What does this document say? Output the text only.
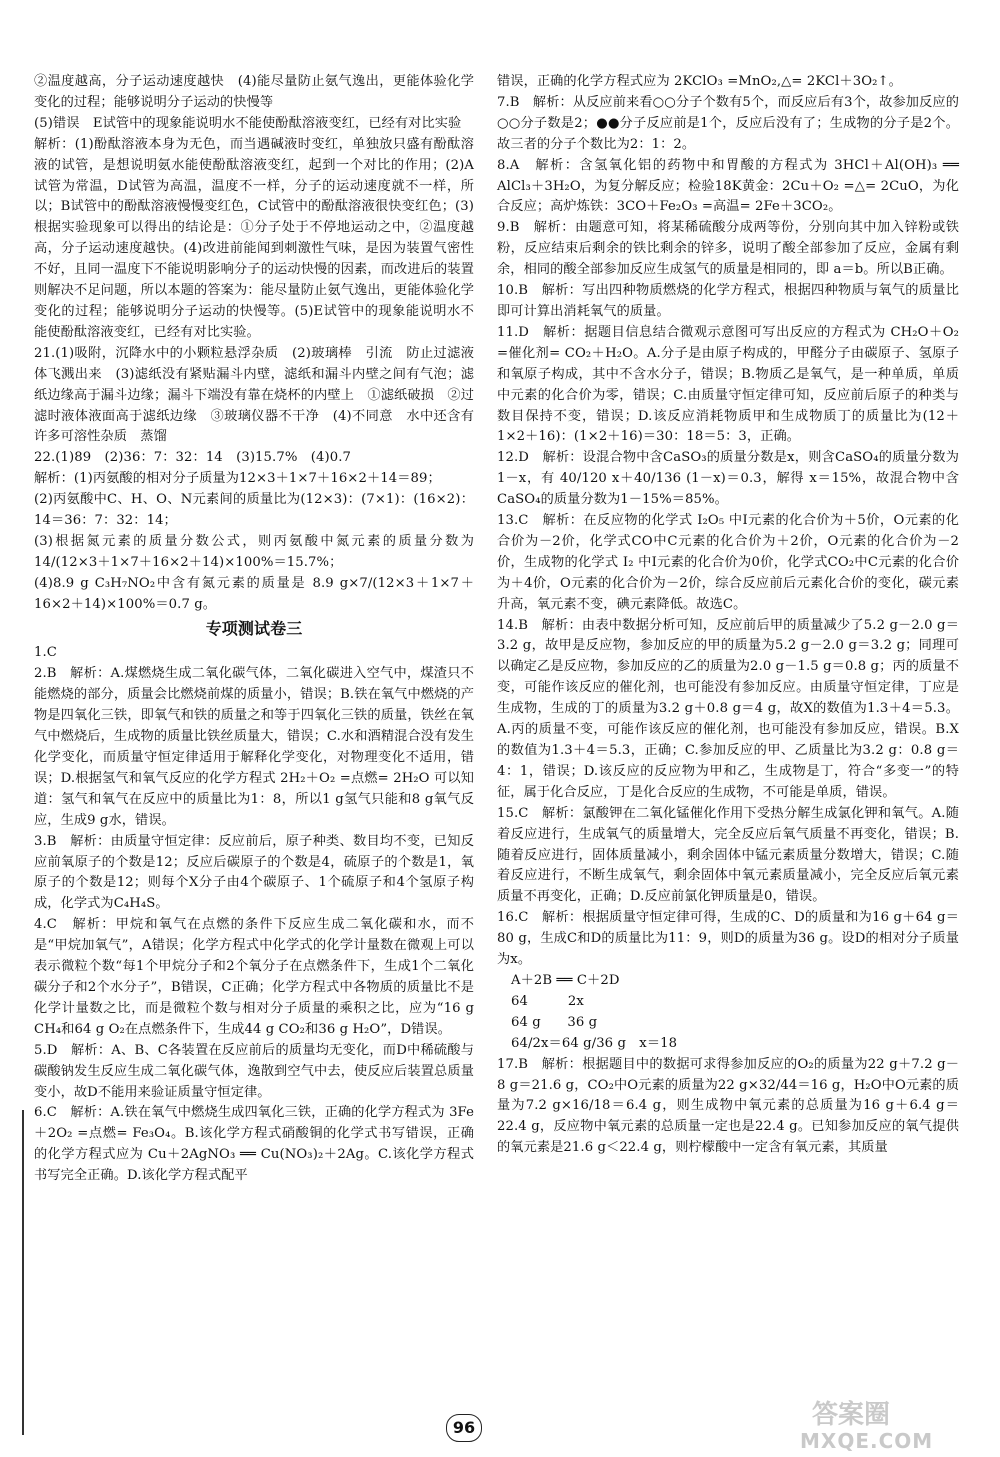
②温度越高，分子运动速度越快　(4)能尽量防止氨气逸出，更能体验化学变化的过程；能够说明分子运动的快慢等

(5)错误　E试管中的现象能说明水不能使酚酞溶液变红，已经有对比实验

解析：(1)酚酞溶液本身为无色，而当遇碱液时变红，单独放只盛有酚酞溶液的试管，是想说明氨水能使酚酞溶液变红，起到一个对比的作用；(2)A试管为常温，D试管为高温，温度不一样，分子的运动速度就不一样，所以；B试管中的酚酞溶液慢慢变红色，C试管中的酚酞溶液很快变红色；(3)根据实验现象可以得出的结论是：①分子处于不停地运动之中，②温度越高，分子运动速度越快。(4)改进前能闻到刺激性气味，是因为装置气密性不好，且同一温度下不能说明影响分子的运动快慢的因素，而改进后的装置则解决不足问题，所以本题的答案为：能尽量防止氨气逸出，更能体验化学变化的过程；能够说明分子运动的快慢等。(5)E试管中的现象能说明水不能使酚酞溶液变红，已经有对比实验。

21.(1)吸附，沉降水中的小颗粒悬浮杂质　(2)玻璃棒　引流　防止过滤液体飞溅出来　(3)滤纸没有紧贴漏斗内壁，滤纸和漏斗内壁之间有气泡；滤纸边缘高于漏斗边缘；漏斗下端没有靠在烧杯的内壁上　①滤纸破损　②过滤时液体液面高于滤纸边缘　③玻璃仪器不干净　(4)不同意　水中还含有许多可溶性杂质　蒸馏

22.(1)89　(2)36：7：32：14　(3)15.7%　(4)0.7

解析：(1)丙氨酸的相对分子质量为12×3＋1×7＋16×2＋14＝89；

(2)丙氨酸中C、H、O、N元素间的质量比为(12×3)：(7×1)：(16×2)：14＝36：7：32：14；

(3)根据氮元素的质量分数公式，则丙氨酸中氮元素的质量分数为 14/(12×3＋1×7＋16×2＋14)×100%＝15.7%；

(4)8.9 g C₃H₇NO₂中含有氮元素的质量是 8.9 g×7/(12×3＋1×7＋16×2＋14)×100%＝0.7 g。

专项测试卷三

1.C

2.B　解析：A.煤燃烧生成二氧化碳气体，二氧化碳进入空气中，煤渣只不能燃烧的部分，质量会比燃烧前煤的质量小，错误；B.铁在氧气中燃烧的产物是四氧化三铁，即氧气和铁的质量之和等于四氧化三铁的质量，铁丝在氧气中燃烧后，生成物的质量比铁丝质量大，错误；C.水和酒精混合没有发生化学变化，而质量守恒定律适用于解释化学变化，对物理变化不适用，错误；D.根据氢气和氧气反应的化学方程式 2H₂＋O₂ =点燃= 2H₂O 可以知道：氢气和氧气在反应中的质量比为1：8，所以1 g氢气只能和8 g氧气反应，生成9 g水，错误。

3.B　解析：由质量守恒定律：反应前后，原子种类、数目均不变，已知反应前氧原子的个数是12；反应后碳原子的个数是4，硫原子的个数是1，氧原子的个数是12；则每个X分子由4个碳原子、1个硫原子和4个氢原子构成，化学式为C₄H₄S。

4.C　解析：甲烷和氧气在点燃的条件下反应生成二氧化碳和水，而不是“甲烷加氧气”，A错误；化学方程式中化学式的化学计量数在微观上可以表示微粒个数“每1个甲烷分子和2个氧分子在点燃条件下，生成1个二氧化碳分子和2个水分子”，B错误，C正确；化学方程式中各物质的质量比不是化学计量数之比，而是微粒个数与相对分子质量的乘积之比，应为“16 g CH₄和64 g O₂在点燃条件下，生成44 g CO₂和36 g H₂O”，D错误。

5.D　解析：A、B、C各装置在反应前后的质量均无变化，而D中稀硫酸与碳酸钠发生反应生成二氧化碳气体，逸散到空气中去，使反应后装置总质量变小，故D不能用来验证质量守恒定律。

6.C　解析：A.铁在氧气中燃烧生成四氧化三铁，正确的化学方程式为 3Fe＋2O₂ =点燃= Fe₃O₄。B.该化学方程式硝酸铜的化学式书写错误，正确的化学方程式应为 Cu＋2AgNO₃ ══ Cu(NO₃)₂＋2Ag。C.该化学方程式书写完全正确。D.该化学方程式配平

错误，正确的化学方程式应为 2KClO₃ =MnO₂,△= 2KCl＋3O₂↑。

7.B　解析：从反应前来看○○分子个数有5个，而反应后有3个，故参加反应的○○分子数是2；●●分子反应前是1个，反应后没有了；生成物的分子是2个。故三者的分子个数比为2：1：2。

8.A　解析：含氢氧化铝的药物中和胃酸的方程式为 3HCl＋Al(OH)₃ ══ AlCl₃＋3H₂O，为复分解反应；检验18K黄金：2Cu＋O₂ =△= 2CuO，为化合反应；高炉炼铁：3CO＋Fe₂O₃ =高温= 2Fe＋3CO₂。

9.B　解析：由题意可知，将某稀硫酸分成两等份，分别向其中加入锌粉或铁粉，反应结束后剩余的铁比剩余的锌多，说明了酸全部参加了反应，金属有剩余，相同的酸全部参加反应生成氢气的质量是相同的，即 a＝b。所以B正确。

10.B　解析：写出四种物质燃烧的化学方程式，根据四种物质与氧气的质量比即可计算出消耗氧气的质量。

11.D　解析：据题目信息结合微观示意图可写出反应的方程式为 CH₂O＋O₂ =催化剂= CO₂＋H₂O。A.分子是由原子构成的，甲醛分子由碳原子、氢原子和氧原子构成，其中不含水分子，错误；B.物质乙是氧气，是一种单质，单质中元素的化合价为零，错误；C.由质量守恒定律可知，反应前后原子的种类与数目保持不变，错误；D.该反应消耗物质甲和生成物质丁的质量比为(12＋1×2＋16)：(1×2＋16)＝30：18＝5：3，正确。

12.D　解析：设混合物中含CaSO₃的质量分数是x，则含CaSO₄的质量分数为1－x，有 40/120 x＋40/136 (1－x)＝0.3，解得 x＝15%，故混合物中含CaSO₄的质量分数为1－15%＝85%。

13.C　解析：在反应物的化学式 I₂O₅ 中I元素的化合价为＋5价，O元素的化合价为－2价，化学式CO中C元素的化合价为＋2价，O元素的化合价为－2价，生成物的化学式 I₂ 中I元素的化合价为0价，化学式CO₂中C元素的化合价为＋4价，O元素的化合价为－2价，综合反应前后元素化合价的变化，碳元素升高，氧元素不变，碘元素降低。故选C。

14.B　解析：由表中数据分析可知，反应前后甲的质量减少了5.2 g－2.0 g＝3.2 g，故甲是反应物，参加反应的甲的质量为5.2 g－2.0 g＝3.2 g；同理可以确定乙是反应物，参加反应的乙的质量为2.0 g－1.5 g＝0.8 g；丙的质量不变，可能作该反应的催化剂，也可能没有参加反应。由质量守恒定律，丁应是生成物，生成的丁的质量为3.2 g＋0.8 g＝4 g，故X的数值为1.3＋4＝5.3。A.丙的质量不变，可能作该反应的催化剂，也可能没有参加反应，错误。B.X的数值为1.3＋4＝5.3，正确；C.参加反应的甲、乙质量比为3.2 g：0.8 g＝4：1，错误；D.该反应的反应物为甲和乙，生成物是丁，符合“多变一”的特征，属于化合反应，丁是化合反应的生成物，不可能是单质，错误。

15.C　解析：氯酸钾在二氧化锰催化作用下受热分解生成氯化钾和氧气。A.随着反应进行，生成氧气的质量增大，完全反应后氧气质量不再变化，错误；B.随着反应进行，固体质量减小，剩余固体中锰元素质量分数增大，错误；C.随着反应进行，不断生成氧气，剩余固体中氧元素质量减小，完全反应后氧元素质量不再变化，正确；D.反应前氯化钾质量是0，错误。

16.C　解析：根据质量守恒定律可得，生成的C、D的质量和为16 g＋64 g＝80 g，生成C和D的质量比为11：9，则D的质量为36 g。设D的相对分子质量为x。

A＋2B ══ C＋2D

64　　　2x

64 g　　36 g

64/2x＝64 g/36 g　x＝18

17.B　解析：根据题目中的数据可求得参加反应的O₂的质量为22 g＋7.2 g－8 g＝21.6 g，CO₂中O元素的质量为22 g×32/44＝16 g，H₂O中O元素的质量为7.2 g×16/18＝6.4 g，则生成物中氧元素的总质量为16 g＋6.4 g＝22.4 g，反应物中氧元素的总质量一定也是22.4 g。已知参加反应的氧气提供的氧元素是21.6 g＜22.4 g，则柠檬酸中一定含有氧元素，其质量

96	答案圈
MXQE.COM
